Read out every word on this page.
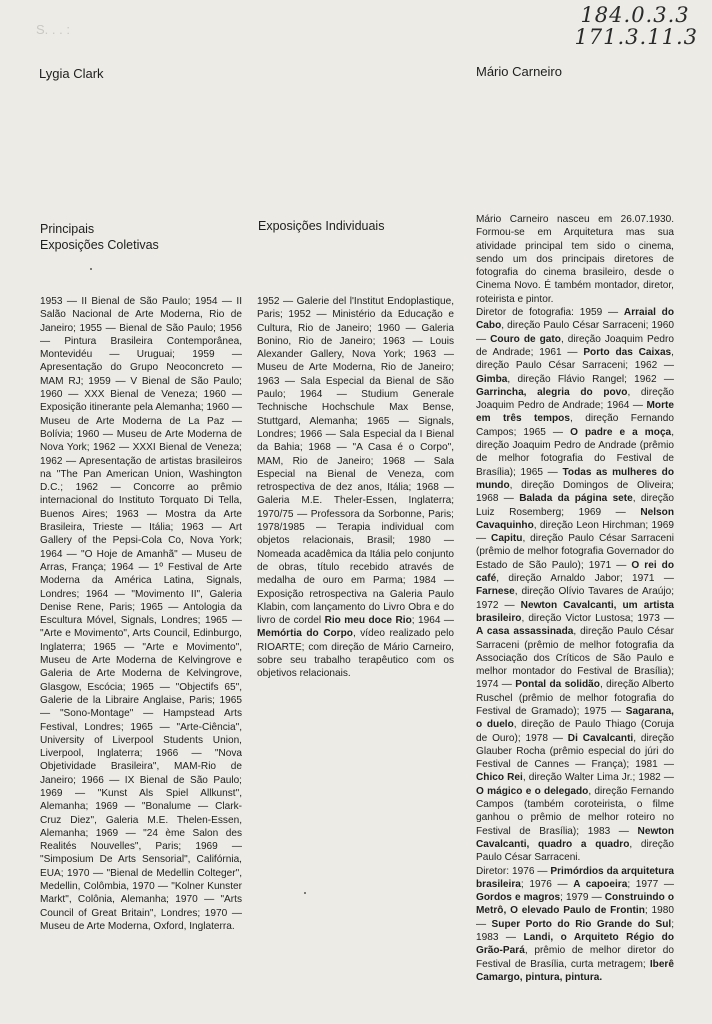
184.0.3.3
171.3.11.3
S. . . :
Lygia Clark	Mário Carneiro
Principais
Exposições Coletivas
Exposições Individuais
1953 — II Bienal de São Paulo; 1954 — II Salão Nacional de Arte Moderna, Rio de Janeiro; 1955 — Bienal de São Paulo; 1956 — Pintura Brasileira Contemporânea, Montevidéu — Uruguai; 1959 — Apresentação do Grupo Neoconcreto — MAM RJ; 1959 — V Bienal de São Paulo; 1960 — XXX Bienal de Veneza; 1960 — Exposição itinerante pela Alemanha; 1960 — Museu de Arte Moderna de La Paz — Bolívia; 1960 — Museu de Arte Moderna de Nova York; 1962 — XXXI Bienal de Veneza; 1962 — Apresentação de artistas brasileiros na "The Pan American Union, Washington D.C.; 1962 — Concorre ao prêmio internacional do Instituto Torquato Di Tella, Buenos Aires; 1963 — Mostra da Arte Brasileira, Trieste — Itália; 1963 — Art Gallery of the Pepsi-Cola Co, Nova York; 1964 — "O Hoje de Amanhã" — Museu de Arras, França; 1964 — 1º Festival de Arte Moderna da América Latina, Signals, Londres; 1964 — "Movimento II", Galeria Denise Rene, Paris; 1965 — Antologia da Escultura Móvel, Signals, Londres; 1965 — "Arte e Movimento", Arts Council, Edinburgo, Inglaterra; 1965 — "Arte e Movimento", Museu de Arte Moderna de Kelvingrove e Galeria de Arte Moderna de Kelvingrove, Glasgow, Escócia; 1965 — "Objectifs 65", Galerie de la Libraire Anglaise, Paris; 1965 — "Sono-Montage" — Hampstead Arts Festival, Londres; 1965 — "Arte-Ciência", University of Liverpool Students Union, Liverpool, Inglaterra; 1966 — "Nova Objetividade Brasileira", MAM-Rio de Janeiro; 1966 — IX Bienal de São Paulo; 1969 — "Kunst Als Spiel Allkunst", Alemanha; 1969 — "Bonalume — Clark-Cruz Diez", Galeria M.E. Thelen-Essen, Alemanha; 1969 — "24 ème Salon des Realités Nouvelles", Paris; 1969 — "Simposium De Arts Sensorial", Califórnia, EUA; 1970 — "Bienal de Medellin Colteger", Medellin, Colômbia, 1970 — "Kolner Kunster Markt", Colônia, Alemanha; 1970 — "Arts Council of Great Britain", Londres; 1970 — Museu de Arte Moderna, Oxford, Inglaterra.
1952 — Galerie del l'Institut Endoplastique, Paris; 1952 — Ministério da Educação e Cultura, Rio de Janeiro; 1960 — Galeria Bonino, Rio de Janeiro; 1963 — Louis Alexander Gallery, Nova York; 1963 — Museu de Arte Moderna, Rio de Janeiro; 1963 — Sala Especial da Bienal de São Paulo; 1964 — Studium Generale Technische Hochschule Max Bense, Stuttgard, Alemanha; 1965 — Signals, Londres; 1966 — Sala Especial da I Bienal da Bahia; 1968 — "A Casa é o Corpo", MAM, Rio de Janeiro; 1968 — Sala Especial na Bienal de Veneza, com retrospectiva de dez anos, Itália; 1968 — Galeria M.E. Theler-Essen, Inglaterra; 1970/75 — Professora da Sorbonne, Paris; 1978/1985 — Terapia individual com objetos relacionais, Brasil; 1980 — Nomeada acadêmica da Itália pelo conjunto de obras, título recebido através de medalha de ouro em Parma; 1984 — Exposição retrospectiva na Galeria Paulo Klabin, com lançamento do Livro Obra e do livro de cordel Rio meu doce Rio; 1964 — Memórtia do Corpo, vídeo realizado pelo RIOARTE; com direção de Mário Carneiro, sobre seu trabalho terapêutico com os objetivos relacionais.
Mário Carneiro nasceu em 26.07.1930. Formou-se em Arquitetura mas sua atividade principal tem sido o cinema, sendo um dos principais diretores de fotografia do cinema brasileiro, desde o Cinema Novo. É também montador, diretor, roteirista e pintor.
Diretor de fotografia: 1959 — Arraial do Cabo, direção Paulo César Sarraceni; 1960 — Couro de gato, direção Joaquim Pedro de Andrade; 1961 — Porto das Caixas, direção Paulo César Sarraceni; 1962 — Gimba, direção Flávio Rangel; 1962 — Garrincha, alegria do povo, direção Joaquim Pedro de Andrade; 1964 — Morte em três tempos, direção Fernando Campos; 1965 — O padre e a moça, direção Joaquim Pedro de Andrade (prêmio de melhor fotografia do Festival de Brasília); 1965 — Todas as mulheres do mundo, direção Domingos de Oliveira; 1968 — Balada da página sete, direção Luiz Rosemberg; 1969 — Nelson Cavaquinho, direção Leon Hirchman; 1969 — Capitu, direção Paulo César Sarraceni (prêmio de melhor fotografia Governador do Estado de São Paulo); 1971 — O rei do café, direção Arnaldo Jabor; 1971 — Farnese, direção Olívio Tavares de Araújo; 1972 — Newton Cavalcanti, um artista brasileiro, direção Victor Lustosa; 1973 — A casa assassinada, direção Paulo César Sarraceni (prêmio de melhor fotografia da Associação dos Críticos de São Paulo e melhor montador do Festival de Brasília); 1974 — Pontal da solidão, direção Alberto Ruschel (prêmio de melhor fotografia do Festival de Gramado); 1975 — Sagarana, o duelo, direção de Paulo Thiago (Coruja de Ouro); 1978 — Di Cavalcanti, direção Glauber Rocha (prêmio especial do júri do Festival de Cannes — França); 1981 — Chico Rei, direção Walter Lima Jr.; 1982 — O mágico e o delegado, direção Fernando Campos (também coroteirista, o filme ganhou o prêmio de melhor roteiro no Festival de Brasília); 1983 — Newton Cavalcanti, quadro a quadro, direção Paulo César Sarraceni.
Diretor: 1976 — Primórdios da arquitetura brasileira; 1976 — A capoeira; 1977 — Gordos e magros; 1979 — Construindo o Metrô, O elevado Paulo de Frontin; 1980 — Super Porto do Rio Grande do Sul; 1983 — Landi, o Arquiteto Régio do Grão-Pará, prêmio de melhor diretor do Festival de Brasília, curta metragem; Iberê Camargo, pintura, pintura.
